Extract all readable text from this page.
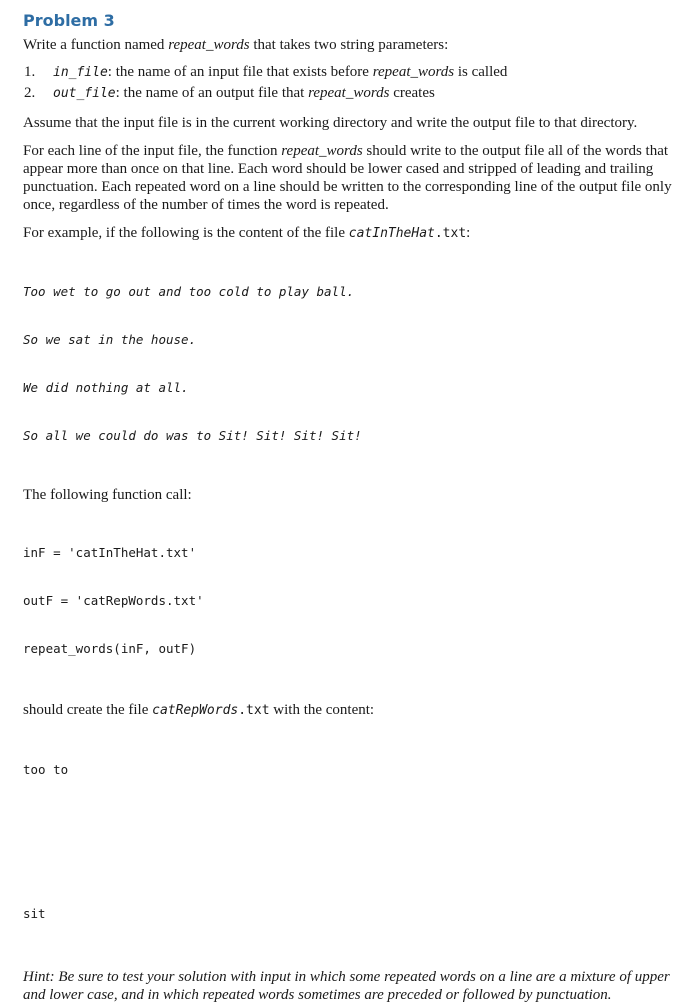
Problem 3

Write a function named repeat_words that takes two string parameters:

1. in_file: the name of an input file that exists before repeat_words is called
2. out_file: the name of an output file that repeat_words creates

Assume that the input file is in the current working directory and write the output file to that directory.

For each line of the input file, the function repeat_words should write to the output file all of the words that appear more than once on that line. Each word should be lower cased and stripped of leading and trailing punctuation. Each repeated word on a line should be written to the corresponding line of the output file only once, regardless of the number of times the word is repeated.

For example, if the following is the content of the file catInTheHat.txt:

Too wet to go out and too cold to play ball.

So we sat in the house.

We did nothing at all.

So all we could do was to Sit! Sit! Sit! Sit!

The following function call:

inF = 'catInTheHat.txt'

outF = 'catRepWords.txt'

repeat_words(inF, outF)

should create the file catRepWords.txt with the content:

too to

sit

Hint: Be sure to test your solution with input in which some repeated words on a line are a mixture of upper and lower case, and in which repeated words sometimes are preceded or followed by punctuation.
